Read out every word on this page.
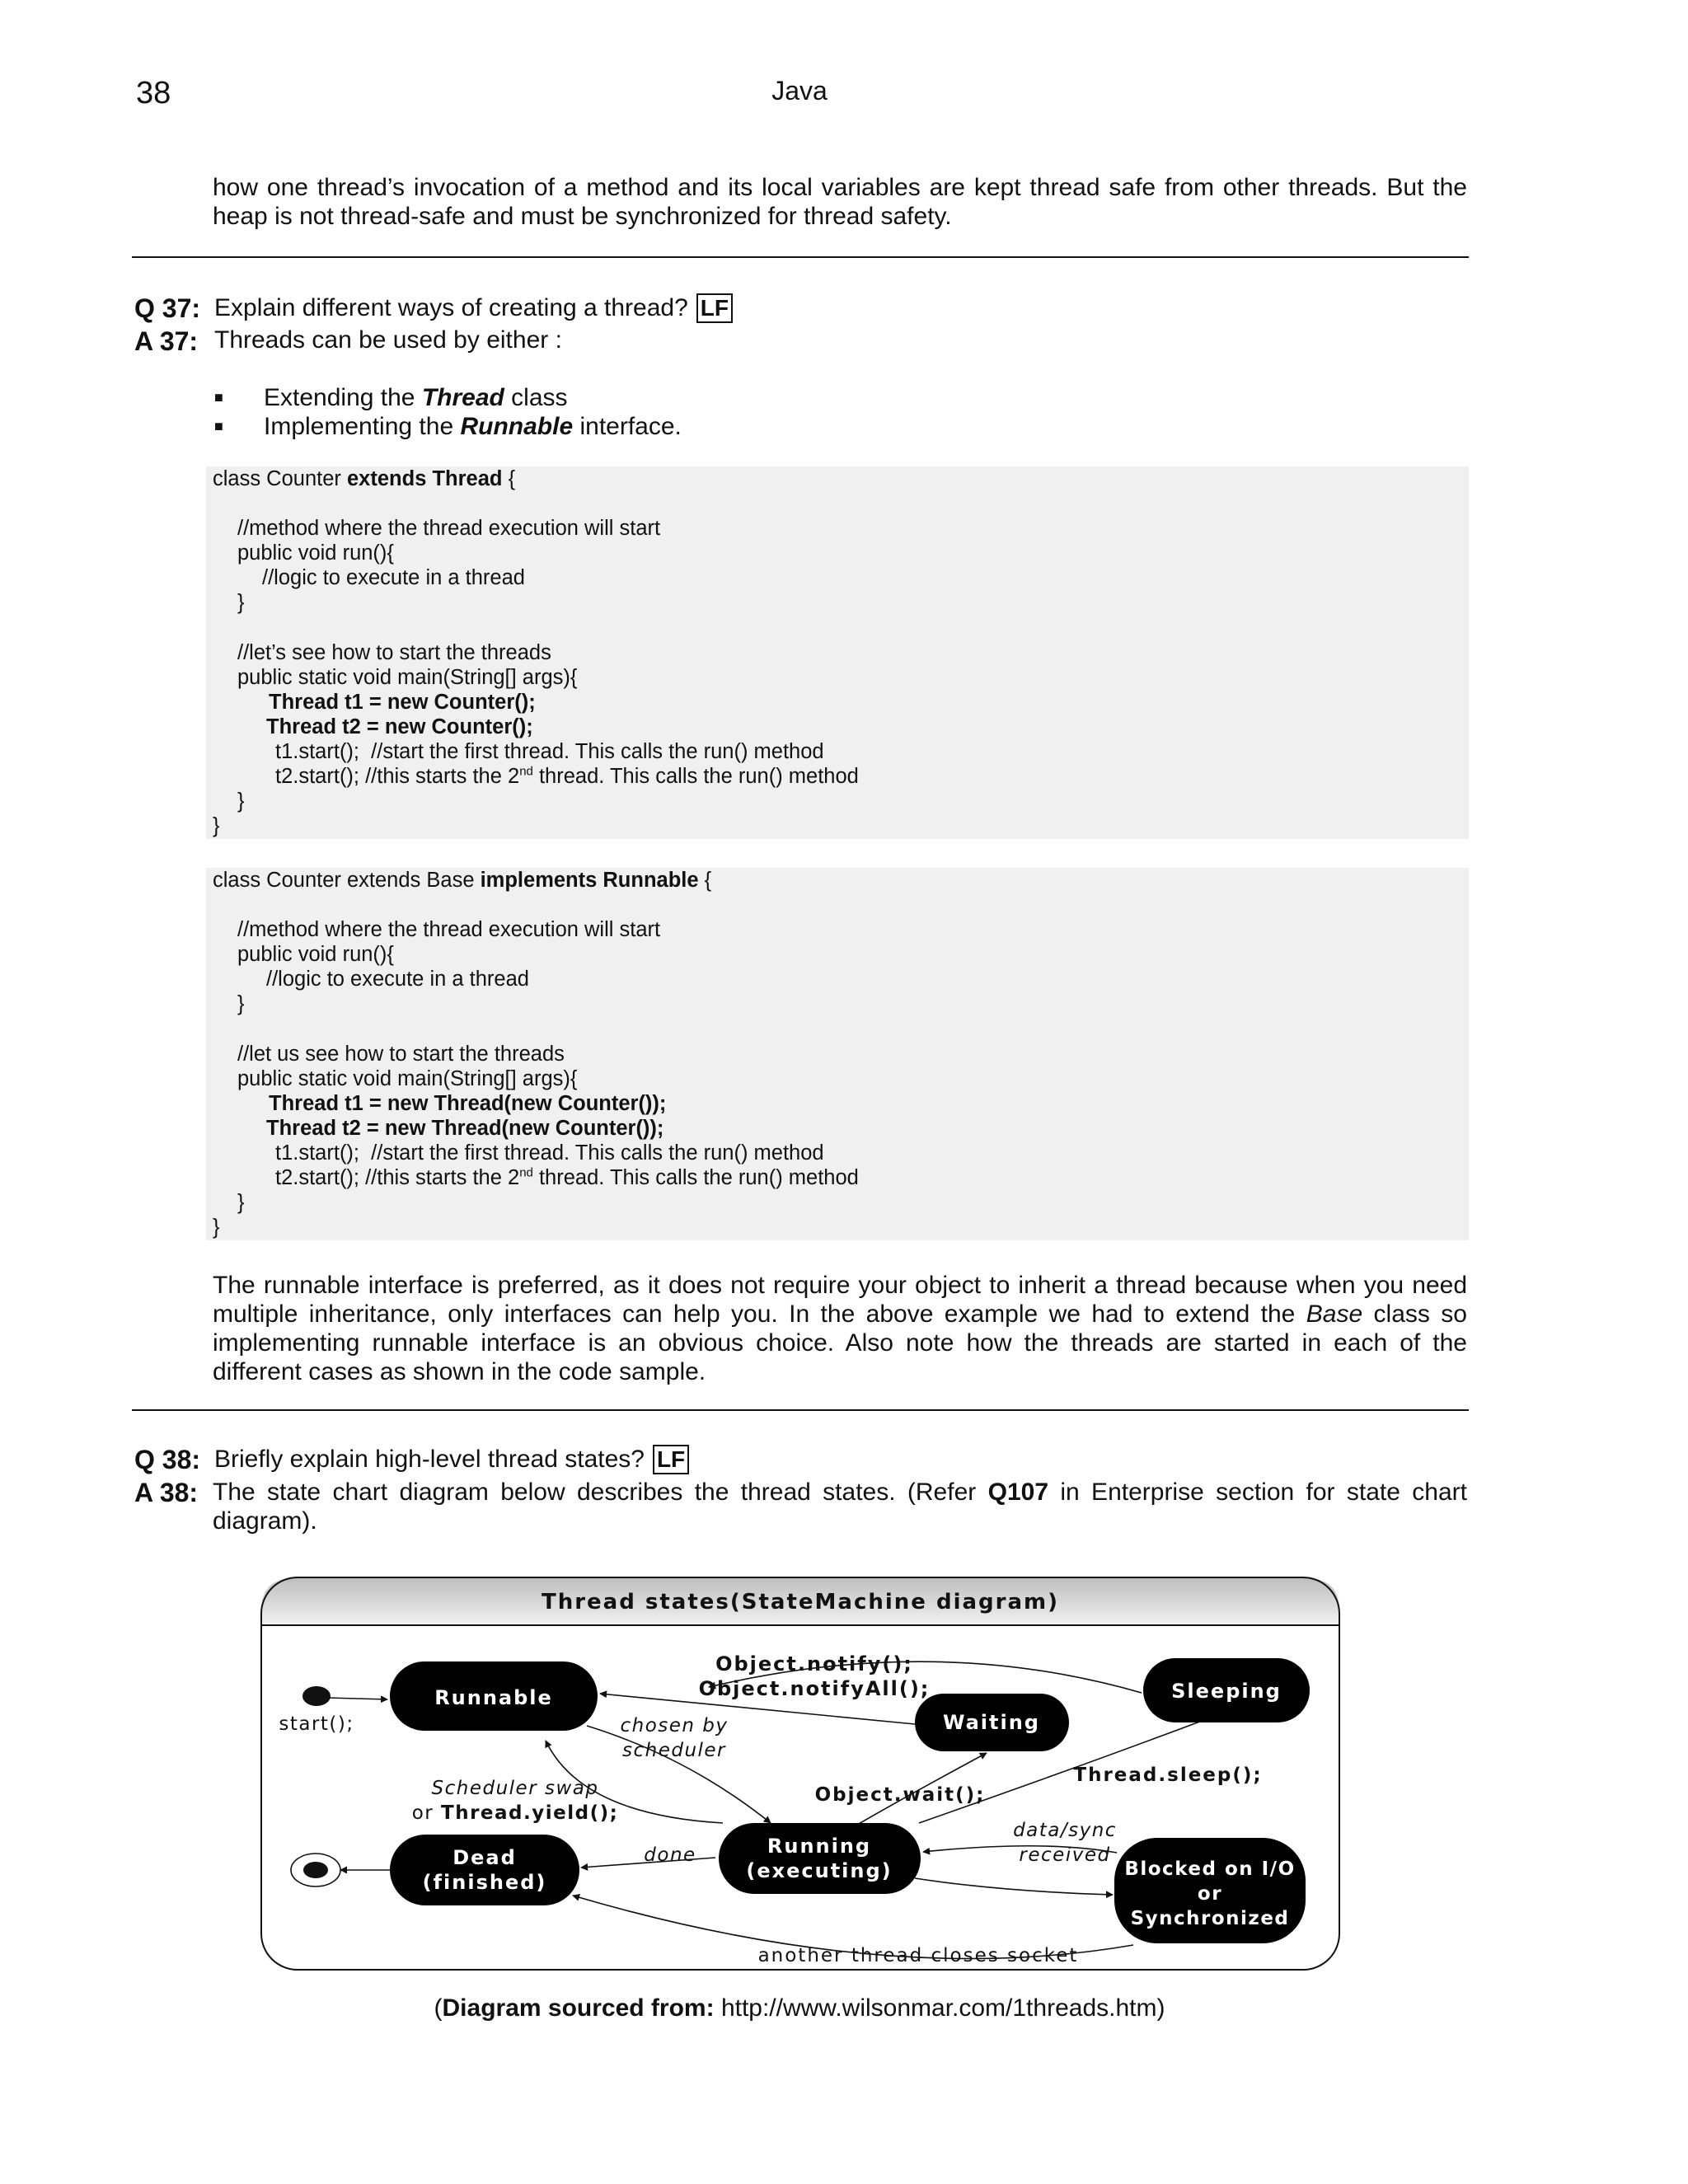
38	Java
how one thread’s invocation of a method and its local variables are kept thread safe from other threads. But the heap is not thread-safe and must be synchronized for thread safety.
Q 37: Explain different ways of creating a thread? LF
A 37: Threads can be used by either :
■ Extending the Thread class
■ Implementing the Runnable interface.
class Counter extends Thread {
//method where the thread execution will start
public void run(){
//logic to execute in a thread
}
//let’s see how to start the threads
public static void main(String[] args){
Thread t1 = new Counter();
Thread t2 = new Counter();
t1.start();  //start the first thread. This calls the run() method
t2.start(); //this starts the 2nd thread. This calls the run() method
}
}
class Counter extends Base implements Runnable {
//method where the thread execution will start
public void run(){
//logic to execute in a thread
}
//let us see how to start the threads
public static void main(String[] args){
Thread t1 = new Thread(new Counter());
Thread t2 = new Thread(new Counter());
t1.start();  //start the first thread. This calls the run() method
t2.start(); //this starts the 2nd thread. This calls the run() method
}
}
The runnable interface is preferred, as it does not require your object to inherit a thread because when you need multiple inheritance, only interfaces can help you. In the above example we had to extend the Base class so implementing runnable interface is an obvious choice. Also note how the threads are started in each of the different cases as shown in the code sample.
Q 38: Briefly explain high-level thread states? LF
A 38: The state chart diagram below describes the thread states. (Refer Q107 in Enterprise section for state chart diagram).
Thread states(StateMachine diagram)
Runnable
Waiting
Sleeping
Running
(executing)
Dead
(finished)
Blocked on I/O
or
Synchronized
start();
Object.notify();
Object.notifyAll();
chosen by
scheduler
Scheduler swap
or Thread.yield();
Object.wait();
Thread.sleep();
data/sync
received
done
another thread closes socket
(Diagram sourced from: http://www.wilsonmar.com/1threads.htm)
